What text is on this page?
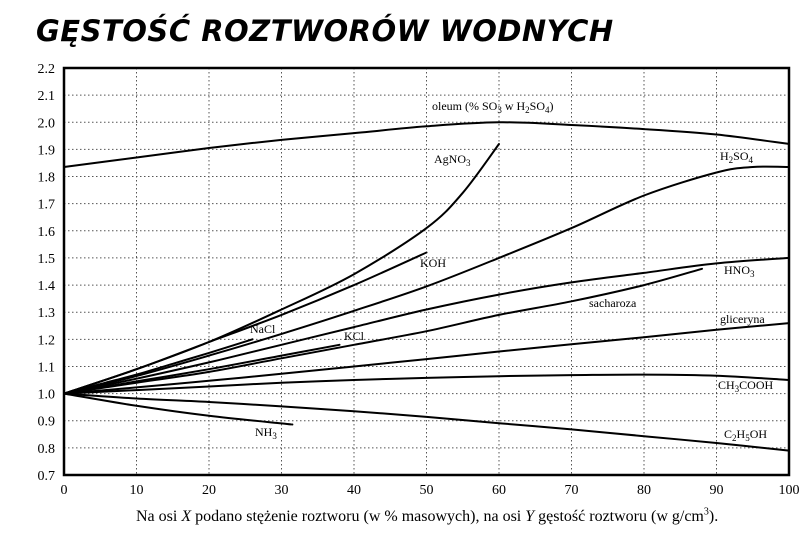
GĘSTOŚĆ ROZTWORÓW WODNYCH
0	10	20	30	40	50	60	70	80	90	100
0.7
0.8
0.9
1.0
1.1
1.2
1.3
1.4
1.5
1.6
1.7
1.8
1.9
2.0
2.1
2.2
oleum (% $SO_3$ w $H_2SO_4$)
AgNO$_3$	$H_2SO_4$
KOH
NaCl	KCl
$HNO_3$
sacharoza
gliceryna
$CH_3COOH$
$NH_3$	$C_2H_5OH$
Na osi X podano stężenie roztworu (w % masowych), na osi Y gęstość roztworu (w $g/cm^3$).
